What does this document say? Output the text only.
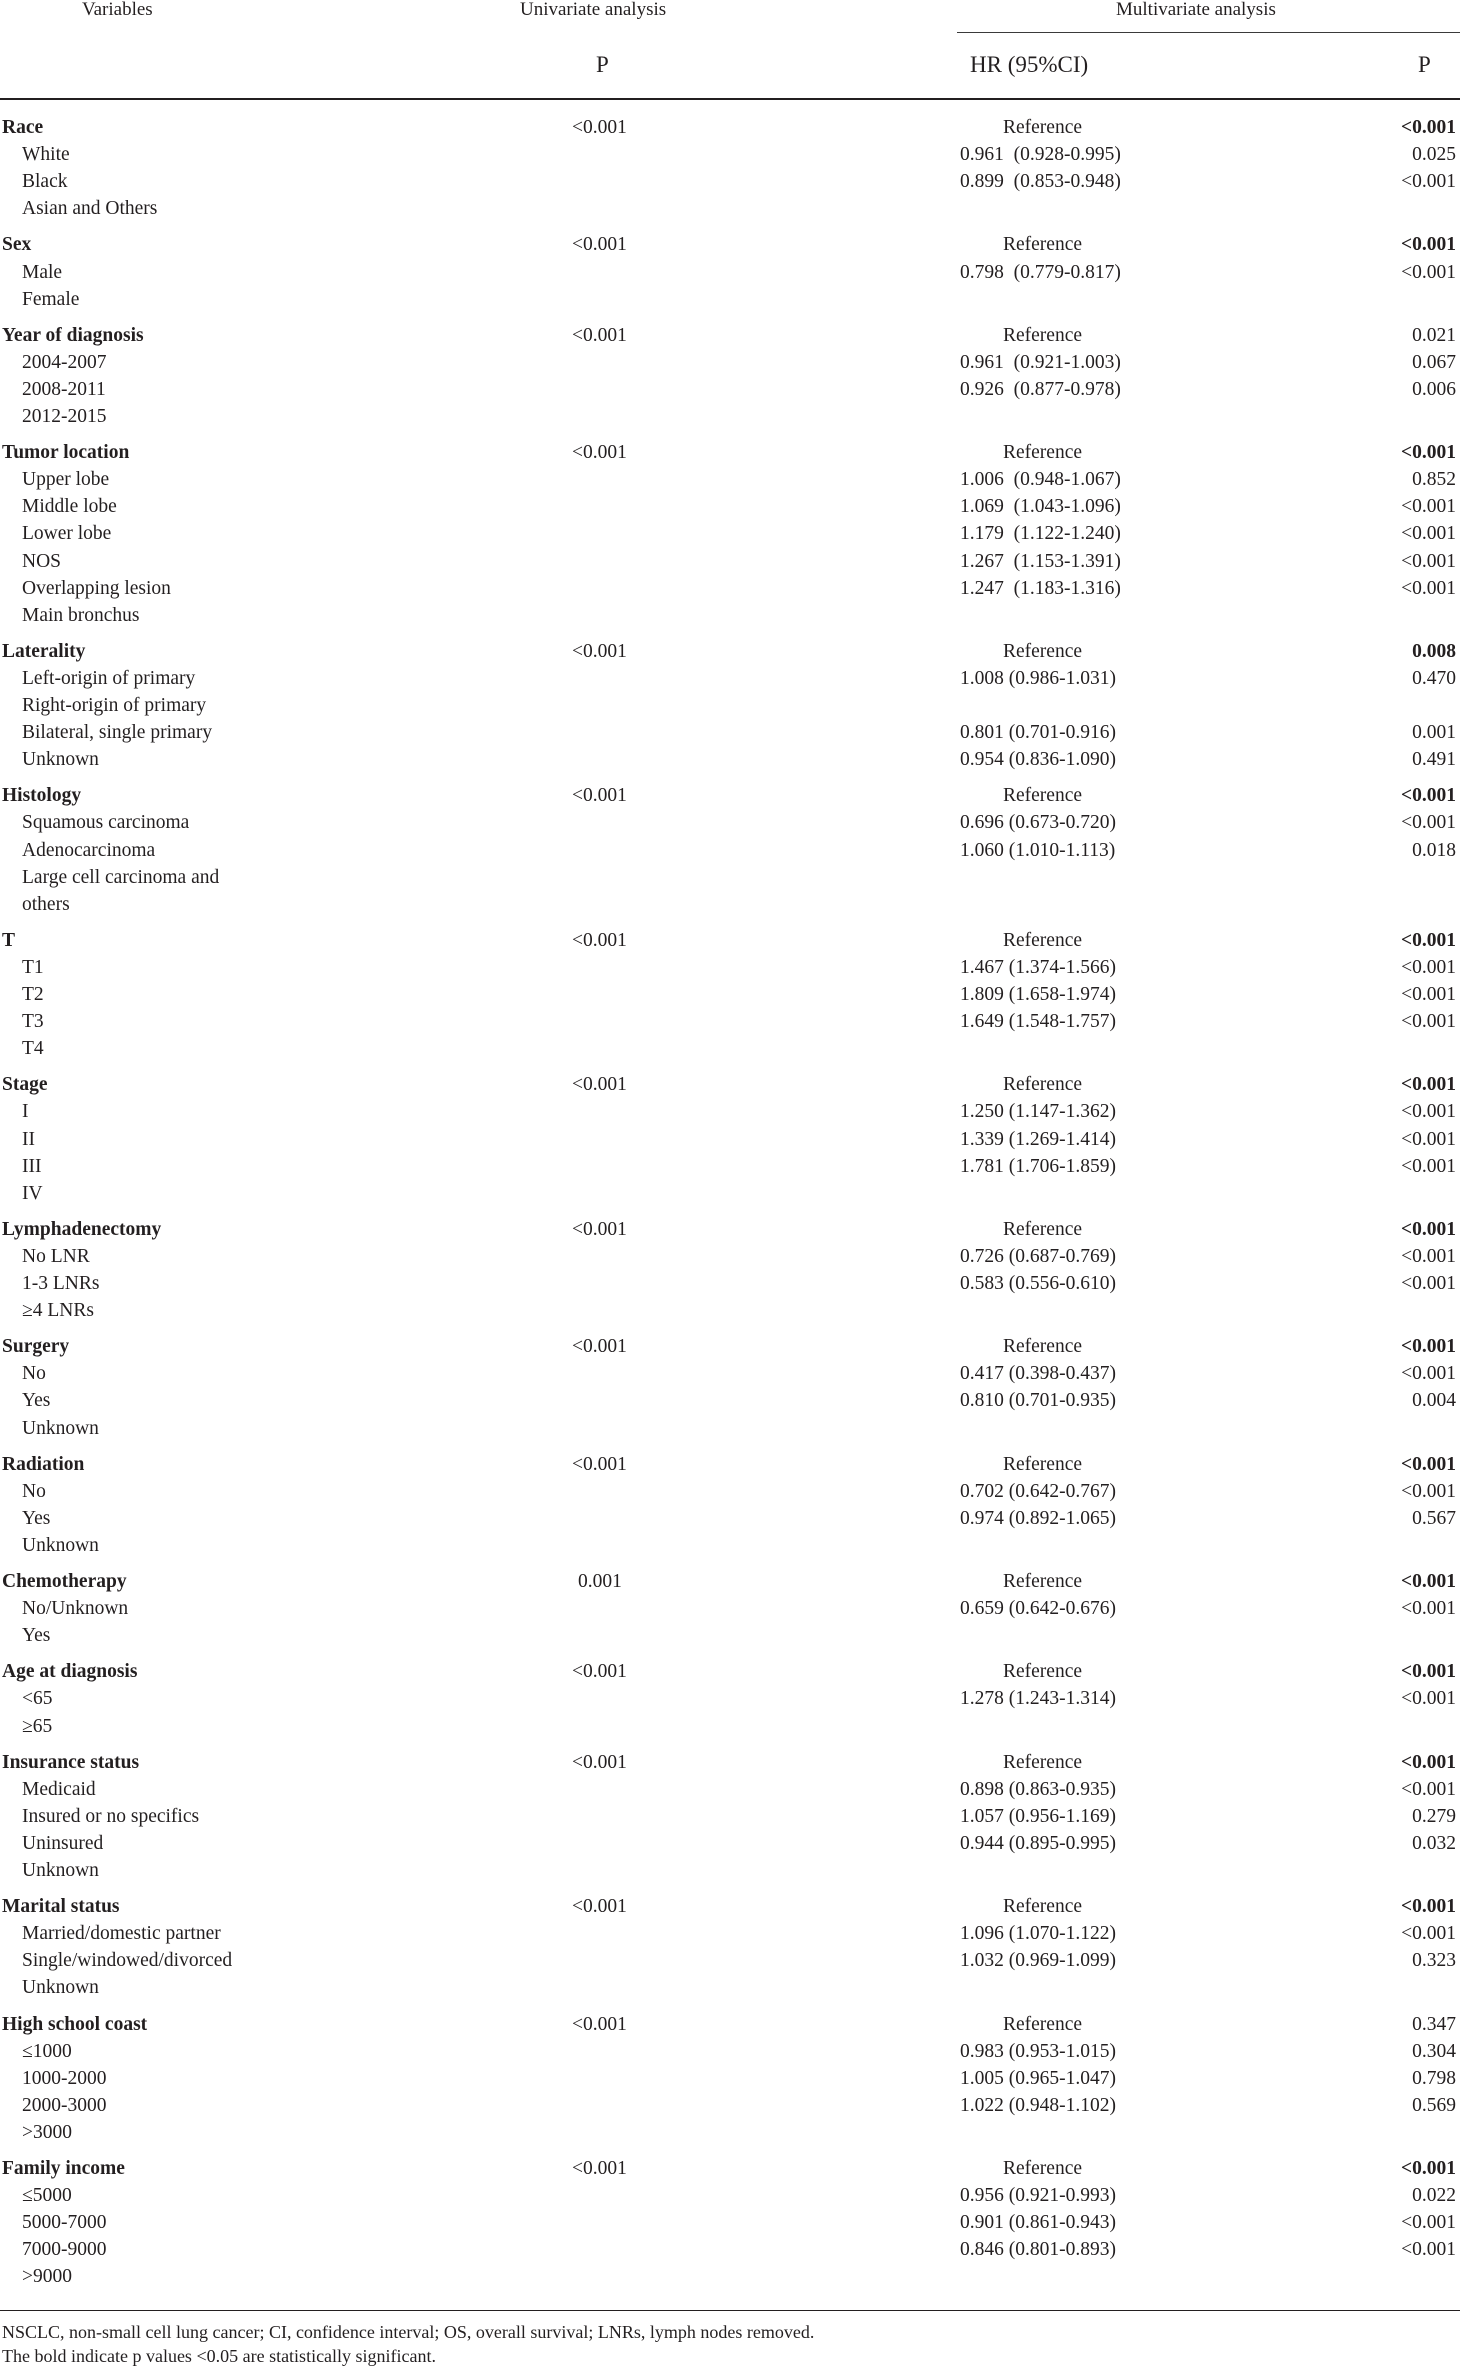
Variables	Univariate analysis	Multivariate analysis
P	HR (95%CI)	P
Race	<0.001	Reference	<0.001
White	0.961  (0.928-0.995)	0.025
Black	0.899  (0.853-0.948)	<0.001
Asian and Others
Sex	<0.001	Reference	<0.001
Male	0.798  (0.779-0.817)	<0.001
Female
Year of diagnosis	<0.001	Reference	0.021
2004-2007	0.961  (0.921-1.003)	0.067
2008-2011	0.926  (0.877-0.978)	0.006
2012-2015
Tumor location	<0.001	Reference	<0.001
Upper lobe	1.006  (0.948-1.067)	0.852
Middle lobe	1.069  (1.043-1.096)	<0.001
Lower lobe	1.179  (1.122-1.240)	<0.001
NOS	1.267  (1.153-1.391)	<0.001
Overlapping lesion	1.247  (1.183-1.316)	<0.001
Main bronchus
Laterality	<0.001	Reference	0.008
Left-origin of primary	1.008 (0.986-1.031)	0.470
Right-origin of primary
Bilateral, single primary	0.801 (0.701-0.916)	0.001
Unknown	0.954 (0.836-1.090)	0.491
Histology	<0.001	Reference	<0.001
Squamous carcinoma	0.696 (0.673-0.720)	<0.001
Adenocarcinoma	1.060 (1.010-1.113)	0.018
Large cell carcinoma and
others
T	<0.001	Reference	<0.001
T1	1.467 (1.374-1.566)	<0.001
T2	1.809 (1.658-1.974)	<0.001
T3	1.649 (1.548-1.757)	<0.001
T4
Stage	<0.001	Reference	<0.001
I	1.250 (1.147-1.362)	<0.001
II	1.339 (1.269-1.414)	<0.001
III	1.781 (1.706-1.859)	<0.001
IV
Lymphadenectomy	<0.001	Reference	<0.001
No LNR	0.726 (0.687-0.769)	<0.001
1-3 LNRs	0.583 (0.556-0.610)	<0.001
≥4 LNRs
Surgery	<0.001	Reference	<0.001
No	0.417 (0.398-0.437)	<0.001
Yes	0.810 (0.701-0.935)	0.004
Unknown
Radiation	<0.001	Reference	<0.001
No	0.702 (0.642-0.767)	<0.001
Yes	0.974 (0.892-1.065)	0.567
Unknown
Chemotherapy	0.001	Reference	<0.001
No/Unknown	0.659 (0.642-0.676)	<0.001
Yes
Age at diagnosis	<0.001	Reference	<0.001
<65	1.278 (1.243-1.314)	<0.001
≥65
Insurance status	<0.001	Reference	<0.001
Medicaid	0.898 (0.863-0.935)	<0.001
Insured or no specifics	1.057 (0.956-1.169)	0.279
Uninsured	0.944 (0.895-0.995)	0.032
Unknown
Marital status	<0.001	Reference	<0.001
Married/domestic partner	1.096 (1.070-1.122)	<0.001
Single/windowed/divorced	1.032 (0.969-1.099)	0.323
Unknown
High school coast	<0.001	Reference	0.347
≤1000	0.983 (0.953-1.015)	0.304
1000-2000	1.005 (0.965-1.047)	0.798
2000-3000	1.022 (0.948-1.102)	0.569
>3000
Family income	<0.001	Reference	<0.001
≤5000	0.956 (0.921-0.993)	0.022
5000-7000	0.901 (0.861-0.943)	<0.001
7000-9000	0.846 (0.801-0.893)	<0.001
>9000
NSCLC, non-small cell lung cancer; CI, confidence interval; OS, overall survival; LNRs, lymph nodes removed.
The bold indicate p values <0.05 are statistically significant.
